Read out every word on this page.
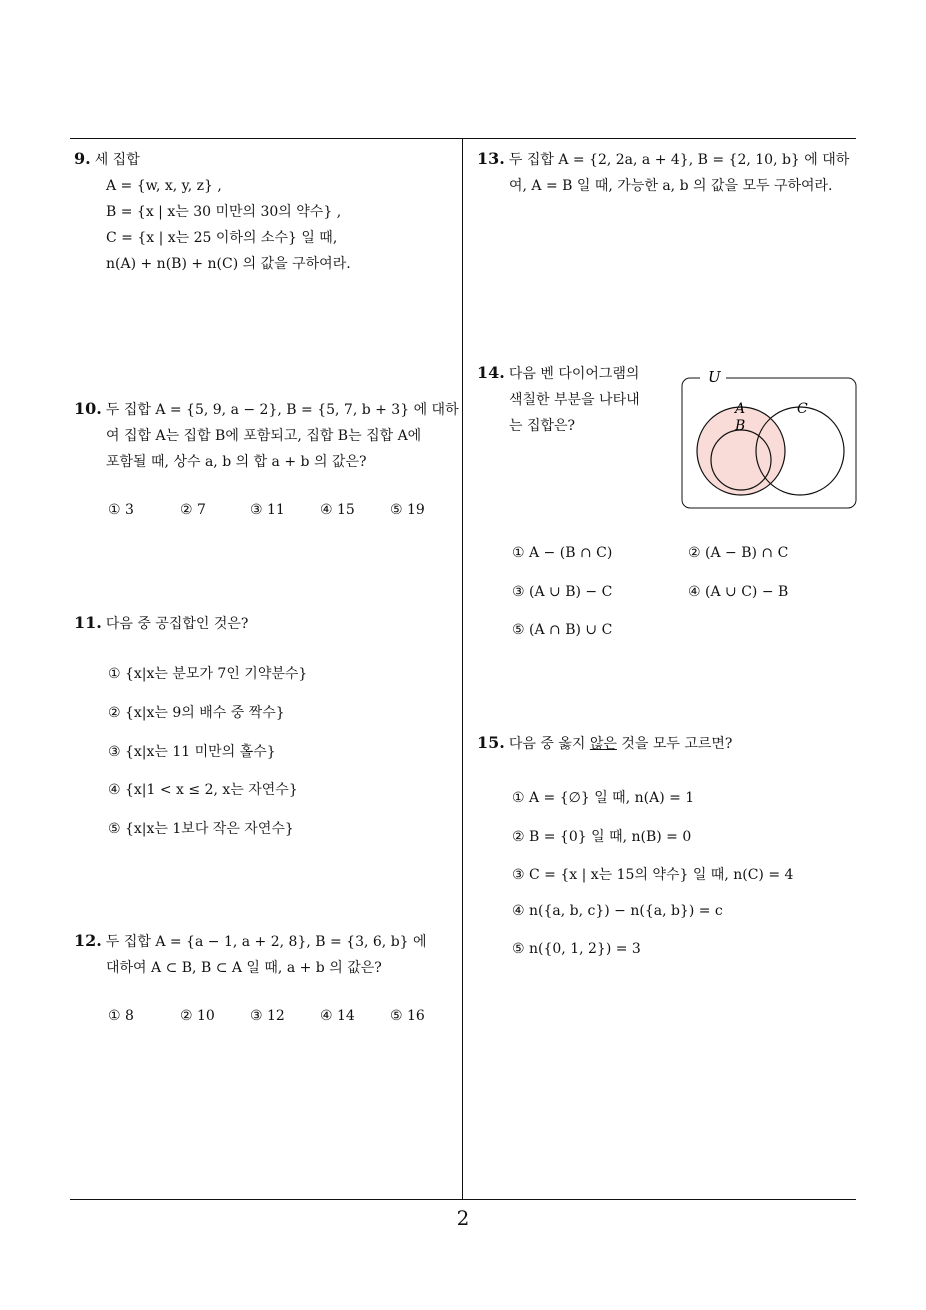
9. 세 집합
A = {w, x, y, z} ,
B = {x | x는 30 미만의 30의 약수} ,
C = {x | x는 25 이하의 소수} 일 때,
n(A) + n(B) + n(C) 의 값을 구하여라.
10. 두 집합 A = {5, 9, a − 2}, B = {5, 7, b + 3} 에 대하
여 집합 A는 집합 B에 포함되고, 집합 B는 집합 A에
포함될 때, 상수 a, b 의 합 a + b 의 값은?
① 3	② 7	③ 11	④ 15	⑤ 19
11. 다음 중 공집합인 것은?
① {x|x는 분모가 7인 기약분수}
② {x|x는 9의 배수 중 짝수}
③ {x|x는 11 미만의 홀수}
④ {x|1 < x ≤ 2, x는 자연수}
⑤ {x|x는 1보다 작은 자연수}
12. 두 집합 A = {a − 1, a + 2, 8}, B = {3, 6, b} 에
대하여 A ⊂ B, B ⊂ A 일 때, a + b 의 값은?
① 8	② 10	③ 12	④ 14	⑤ 16
13. 두 집합 A = {2, 2a, a + 4}, B = {2, 10, b} 에 대하
여, A = B 일 때, 가능한 a, b 의 값을 모두 구하여라.
14. 다음 벤 다이어그램의
색칠한 부분을 나타내
는 집합은?
U
A
B
C
① A − (B ∩ C)	② (A − B) ∩ C
③ (A ∪ B) − C	④ (A ∪ C) − B
⑤ (A ∩ B) ∪ C
15. 다음 중 옳지 않은 것을 모두 고르면?
① A = {∅} 일 때, n(A) = 1
② B = {0} 일 때, n(B) = 0
③ C = {x | x는 15의 약수} 일 때, n(C) = 4
④ n({a, b, c}) − n({a, b}) = c
⑤ n({0, 1, 2}) = 3
2
